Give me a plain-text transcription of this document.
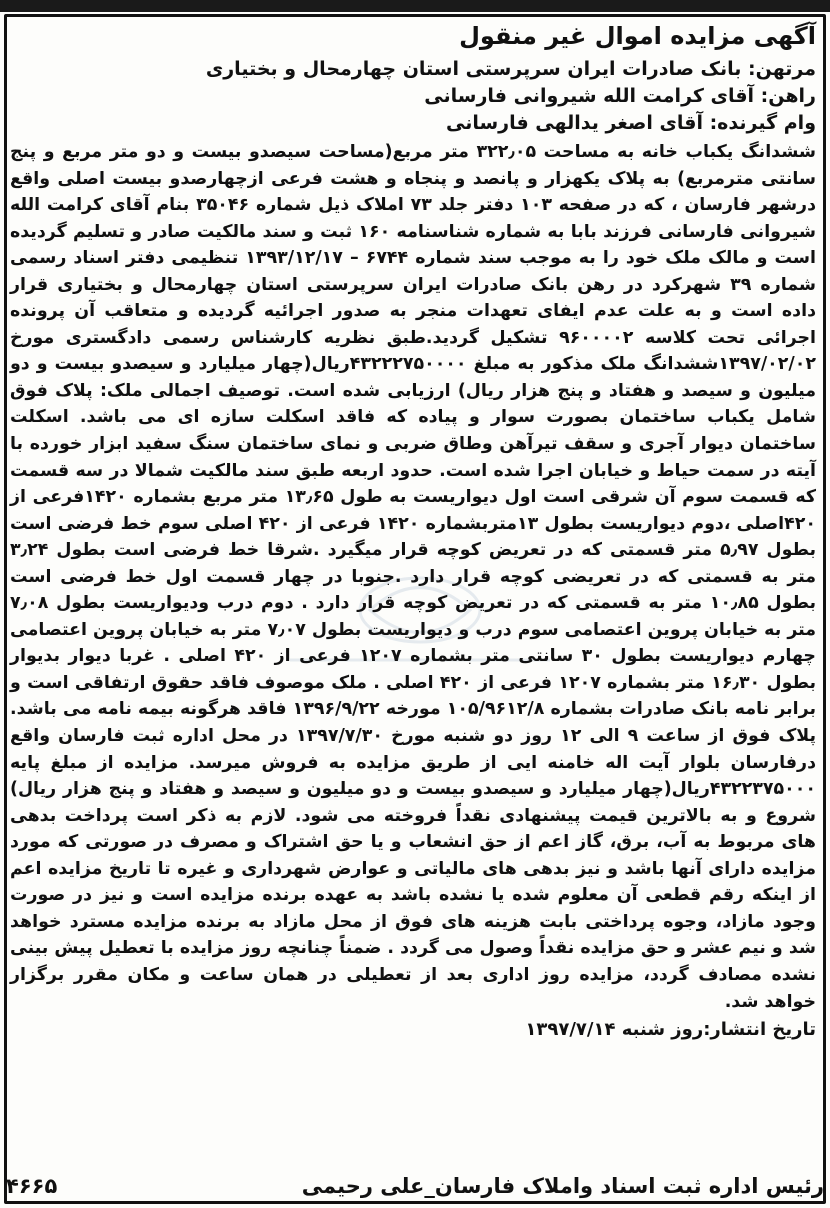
آگهی مزایده اموال غیر منقول

مرتهن: بانک صادرات ایران سرپرستی استان چهارمحال و بختیاری

راهن: آقای کرامت الله شیروانی فارسانی

وام گیرنده: آقای اصغر یدالهی فارسانی

ششدانگ یکباب خانه به مساحت ۳۲۲٫۰۵ متر مربع(مساحت سیصدو بیست و دو متر مربع و پنج سانتی مترمربع) به پلاک یکهزار و پانصد و پنجاه و هشت فرعی ازچهارصدو بیست اصلی واقع درشهر فارسان ، که در صفحه ۱۰۳ دفتر جلد ۷۳ املاک ذیل شماره ۳۵۰۴۶ بنام آقای کرامت الله شیروانی فارسانی فرزند بابا به شماره شناسنامه ۱۶۰ ثبت و سند مالکیت صادر و تسلیم گردیده است و مالک ملک خود را به موجب سند شماره ۶۷۴۴ – ۱۳۹۳/۱۲/۱۷ تنظیمی دفتر اسناد رسمی شماره ۳۹ شهرکرد در رهن بانک صادرات ایران سرپرستی استان چهارمحال و بختیاری قرار داده است و به علت عدم ایفای تعهدات منجر به صدور اجرائیه گردیده و متعاقب آن پرونده اجرائی تحت کلاسه ۹۶۰۰۰۰۲ تشکیل گردید.طبق نظریه کارشناس رسمی دادگستری مورخ ۱۳۹۷/۰۲/۰۲ششدانگ ملک مذکور به مبلغ ۴۳۲۲۲۷۵۰۰۰۰ریال(چهار میلیارد و سیصدو بیست و دو میلیون و سیصد و هفتاد و پنج هزار ریال) ارزیابی شده است. توصیف اجمالی ملک: پلاک فوق شامل یکباب ساختمان بصورت سوار و پیاده که فاقد اسکلت سازه ای می باشد. اسکلت ساختمان دیوار آجری و سقف تیرآهن وطاق ضربی و نمای ساختمان سنگ سفید ابزار خورده با آیته در سمت حیاط و خیابان اجرا شده است. حدود اربعه طبق سند مالکیت شمالا در سه قسمت که قسمت سوم آن شرقی است اول دیواریست به طول ۱۳٫۶۵ متر مربع بشماره ۱۴۲۰فرعی از ۴۲۰اصلی ،دوم دیواریست بطول ۱۳متربشماره ۱۴۲۰ فرعی از ۴۲۰ اصلی سوم خط فرضی است بطول ۵٫۹۷ متر قسمتی که در تعریض کوچه قرار میگیرد .شرقا خط فرضی است بطول ۳٫۲۴ متر به قسمتی که در تعریضی کوچه قرار دارد .جنوبا در چهار قسمت اول خط فرضی است بطول ۱۰٫۸۵ متر به قسمتی که در تعریض کوچه قرار دارد . دوم درب ودیواریست بطول ۷٫۰۸ متر به خیابان پروین اعتصامی سوم درب و دیواریست بطول ۷٫۰۷ متر به خیابان پروین اعتصامی چهارم دیواریست بطول ۳۰ سانتی متر بشماره ۱۲۰۷ فرعی از ۴۲۰ اصلی . غربا دیوار بدیوار بطول ۱۶٫۳۰ متر بشماره ۱۲۰۷ فرعی از ۴۲۰ اصلی . ملک موصوف فاقد حقوق ارتفاقی است و برابر نامه بانک صادرات بشماره ۱۰۵/۹۶۱۲/۸ مورخه ۱۳۹۶/۹/۲۲ فاقد هرگونه بیمه نامه می باشد. پلاک فوق از ساعت ۹ الی ۱۲ روز دو شنبه مورخ ۱۳۹۷/۷/۳۰ در محل اداره ثبت فارسان واقع درفارسان بلوار آیت اله خامنه ایی از طریق مزایده به فروش میرسد. مزایده از مبلغ پایه ۴۳۲۲۳۷۵۰۰۰ریال(چهار میلیارد و سیصدو بیست و دو میلیون و سیصد و هفتاد و پنج هزار ریال) شروع و به بالاترین قیمت پیشنهادی نقداً فروخته می شود. لازم به ذکر است پرداخت بدهی های مربوط به آب، برق، گاز اعم از حق انشعاب و یا حق اشتراک و مصرف در صورتی که مورد مزایده دارای آنها باشد و نیز بدهی های مالیاتی و عوارض شهرداری و غیره تا تاریخ مزایده اعم از اینکه رقم قطعی آن معلوم شده یا نشده باشد به عهده برنده مزایده است و نیز در صورت وجود مازاد، وجوه پرداختی بابت هزینه های فوق از محل مازاد به برنده مزایده مسترد خواهد شد و نیم عشر و حق مزایده نقداً وصول می گردد . ضمناً چنانچه روز مزایده با تعطیل پیش بینی نشده مصادف گردد، مزایده روز اداری بعد از تعطیلی در همان ساعت و مکان مقرر برگزار خواهد شد.

تاریخ انتشار:روز شنبه ۱۳۹۷/۷/۱۴

رئیس اداره ثبت اسناد واملاک فارسان_علی رحیمی
۴۶۶۵
